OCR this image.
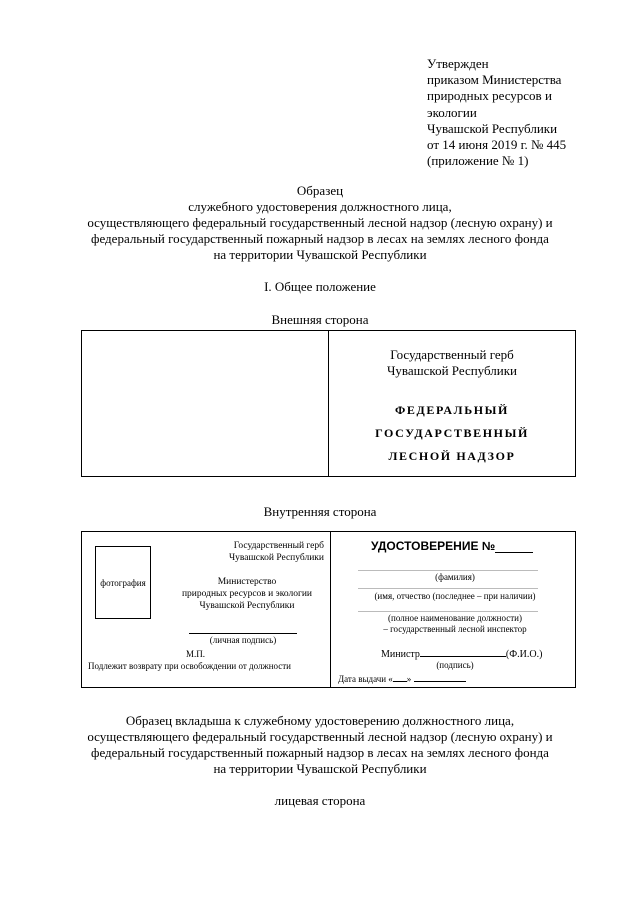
Утвержден
приказом Министерства
природных ресурсов и
экологии
Чувашской Республики
от 14 июня 2019 г. № 445
(приложение № 1)
Образец
служебного удостоверения должностного лица,
осуществляющего федеральный государственный лесной надзор (лесную охрану) и
федеральный государственный пожарный надзор в лесах на землях лесного фонда
на территории Чувашской Республики
I. Общее положение
Внешняя сторона
Государственный герб
Чувашской Республики
ФЕДЕРАЛЬНЫЙ
ГОСУДАРСТВЕННЫЙ
ЛЕСНОЙ НАДЗОР
Внутренняя сторона
фотография
Государственный герб
Чувашской Республики
Министерство
природных ресурсов и экологии
Чувашской Республики
(личная подпись)
М.П.
Подлежит возврату при освобождении от должности
УДОСТОВЕРЕНИЕ №
(фамилия)
(имя, отчество (последнее – при наличии)
(полное наименование должности)
– государственный лесной инспектор
Министр	(Ф.И.О.)
(подпись)
Дата выдачи « »
Образец вкладыша к служебному удостоверению должностного лица,
осуществляющего федеральный государственный лесной надзор (лесную охрану) и
федеральный государственный пожарный надзор в лесах на землях лесного фонда
на территории Чувашской Республики
лицевая сторона
